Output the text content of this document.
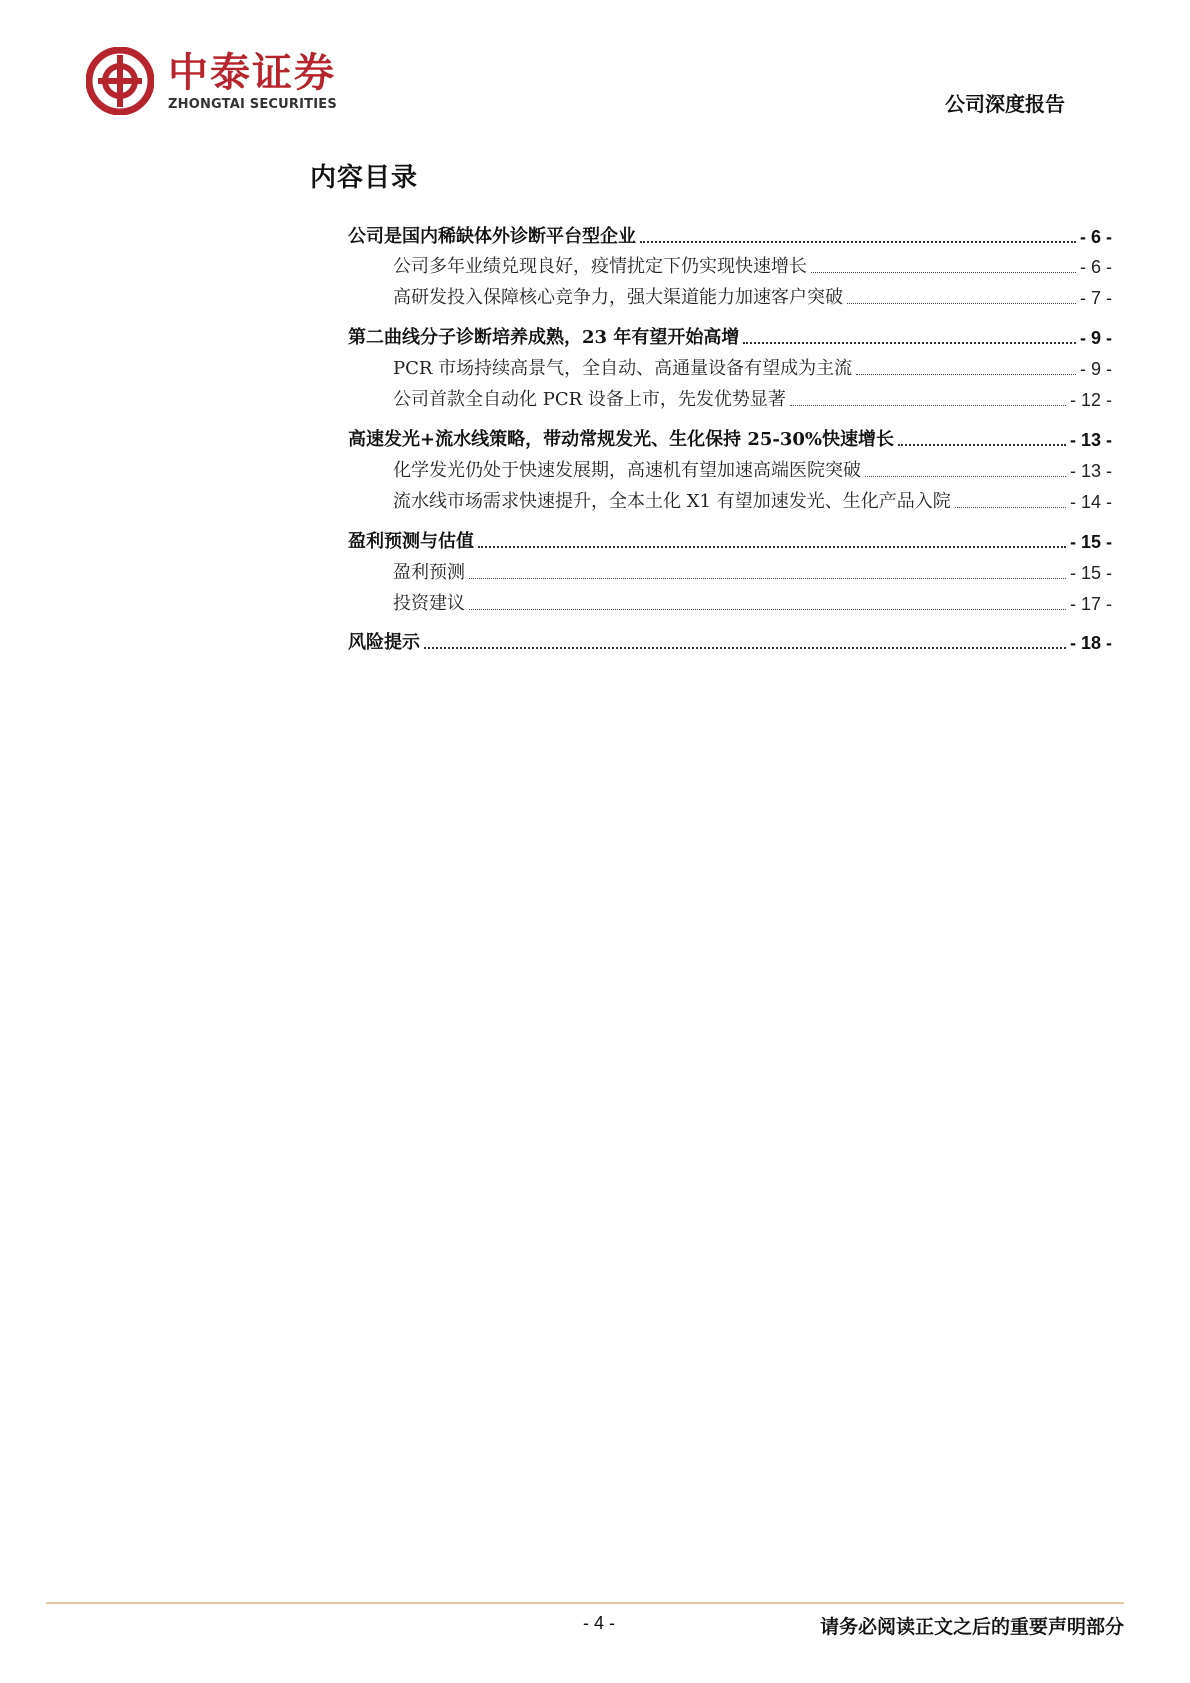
中泰证券
ZHONGTAI SECURITIES	公司深度报告
内容目录
公司是国内稀缺体外诊断平台型企业	- 6 -
公司多年业绩兑现良好，疫情扰定下仍实现快速增长	- 6 -
高研发投入保障核心竞争力，强大渠道能力加速客户突破	- 7 -
第二曲线分子诊断培养成熟，23 年有望开始高增	- 9 -
PCR 市场持续高景气，全自动、高通量设备有望成为主流	- 9 -
公司首款全自动化 PCR 设备上市，先发优势显著	- 12 -
高速发光+流水线策略，带动常规发光、生化保持 25-30%快速增长	- 13 -
化学发光仍处于快速发展期，高速机有望加速高端医院突破	- 13 -
流水线市场需求快速提升，全本土化 X1 有望加速发光、生化产品入院	- 14 -
盈利预测与估值	- 15 -
盈利预测	- 15 -
投资建议	- 17 -
风险提示	- 18 -
- 4 -	请务必阅读正文之后的重要声明部分
